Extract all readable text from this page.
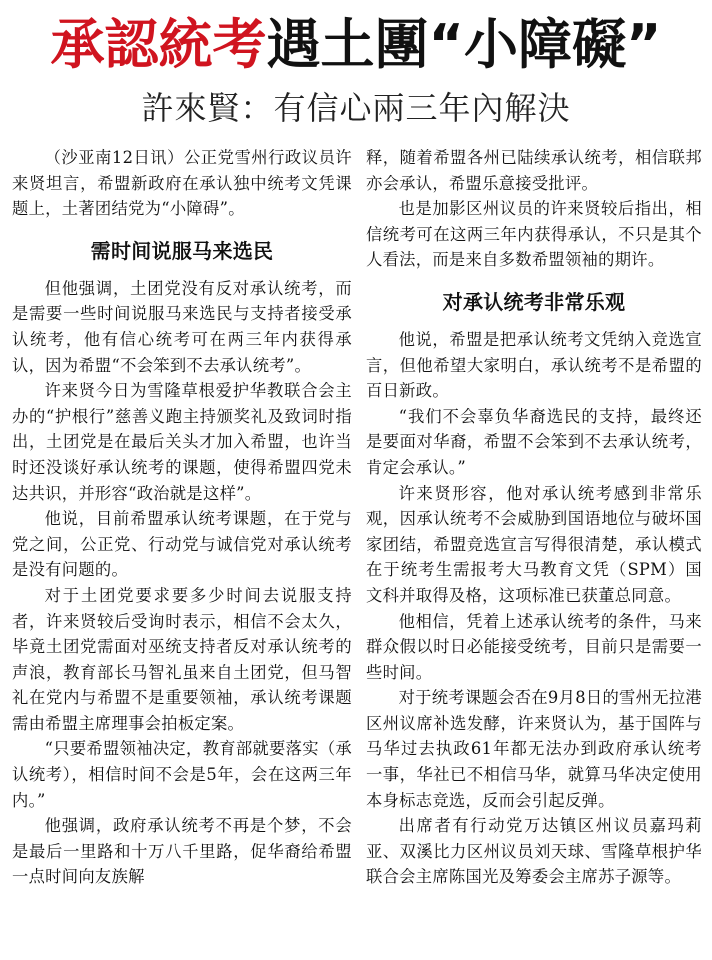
承認統考遇土團“小障礙”
許來賢：有信心兩三年內解決

（沙亚南12日讯）公正党雪州行政议员许来贤坦言，希盟新政府在承认独中统考文凭课题上，土著团结党为“小障碍”。

需时间说服马来选民

但他强调，土团党没有反对承认统考，而是需要一些时间说服马来选民与支持者接受承认统考，他有信心统考可在两三年内获得承认，因为希盟“不会笨到不去承认统考”。

许来贤今日为雪隆草根爱护华教联合会主办的“护根行”慈善义跑主持颁奖礼及致词时指出，土团党是在最后关头才加入希盟，也许当时还没谈好承认统考的课题，使得希盟四党未达共识，并形容“政治就是这样”。

他说，目前希盟承认统考课题，在于党与党之间，公正党、行动党与诚信党对承认统考是没有问题的。

对于土团党要求要多少时间去说服支持者，许来贤较后受询时表示，相信不会太久，毕竟土团党需面对巫统支持者反对承认统考的声浪，教育部长马智礼虽来自土团党，但马智礼在党内与希盟不是重要领袖，承认统考课题需由希盟主席理事会拍板定案。

“只要希盟领袖决定，教育部就要落实（承认统考），相信时间不会是5年，会在这两三年内。”

他强调，政府承认统考不再是个梦，不会是最后一里路和十万八千里路，促华裔给希盟一点时间向友族解

释，随着希盟各州已陆续承认统考，相信联邦亦会承认，希盟乐意接受批评。

也是加影区州议员的许来贤较后指出，相信统考可在这两三年内获得承认，不只是其个人看法，而是来自多数希盟领袖的期许。

对承认统考非常乐观

他说，希盟是把承认统考文凭纳入竞选宣言，但他希望大家明白，承认统考不是希盟的百日新政。

“我们不会辜负华裔选民的支持，最终还是要面对华裔，希盟不会笨到不去承认统考，肯定会承认。”

许来贤形容，他对承认统考感到非常乐观，因承认统考不会威胁到国语地位与破坏国家团结，希盟竞选宣言写得很清楚，承认模式在于统考生需报考大马教育文凭（SPM）国文科并取得及格，这项标准已获董总同意。

他相信，凭着上述承认统考的条件，马来群众假以时日必能接受统考，目前只是需要一些时间。

对于统考课题会否在9月8日的雪州无拉港区州议席补选发酵，许来贤认为，基于国阵与马华过去执政61年都无法办到政府承认统考一事，华社已不相信马华，就算马华决定使用本身标志竞选，反而会引起反弹。

出席者有行动党万达镇区州议员嘉玛莉亚、双溪比力区州议员刘天球、雪隆草根护华联合会主席陈国光及筹委会主席苏子源等。
